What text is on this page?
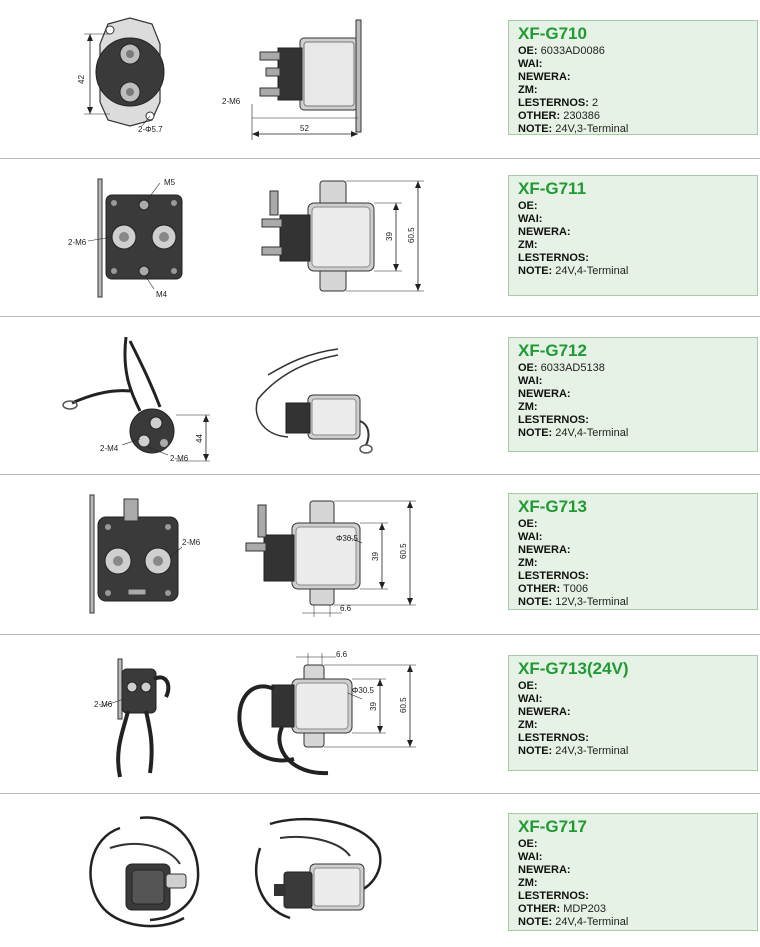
42
2-Φ5.7
2-M6
52
XF-G710
OE: 6033AD0086
WAI:
NEWERA:
ZM:
LESTERNOS: 2
OTHER: 230386
NOTE: 24V,3-Terminal
M5
2-M6
M4
39 60.5
XF-G711
OE:
WAI:
NEWERA:
ZM:
LESTERNOS:
NOTE: 24V,4-Terminal
44
2-M4
2-M6
XF-G712
OE: 6033AD5138
WAI:
NEWERA:
ZM:
LESTERNOS:
NOTE: 24V,4-Terminal
2-M6	Φ30.5
39 60.5
6.6
XF-G713
OE:
WAI:
NEWERA:
ZM:
LESTERNOS:
OTHER: T006
NOTE: 12V,3-Terminal
2-M6
6.6
Φ30.5
39	60.5
XF-G713(24V)
OE:
WAI:
NEWERA:
ZM:
LESTERNOS:
NOTE: 24V,3-Terminal
XF-G717
OE:
WAI:
NEWERA:
ZM:
LESTERNOS:
OTHER: MDP203
NOTE: 24V,4-Terminal
